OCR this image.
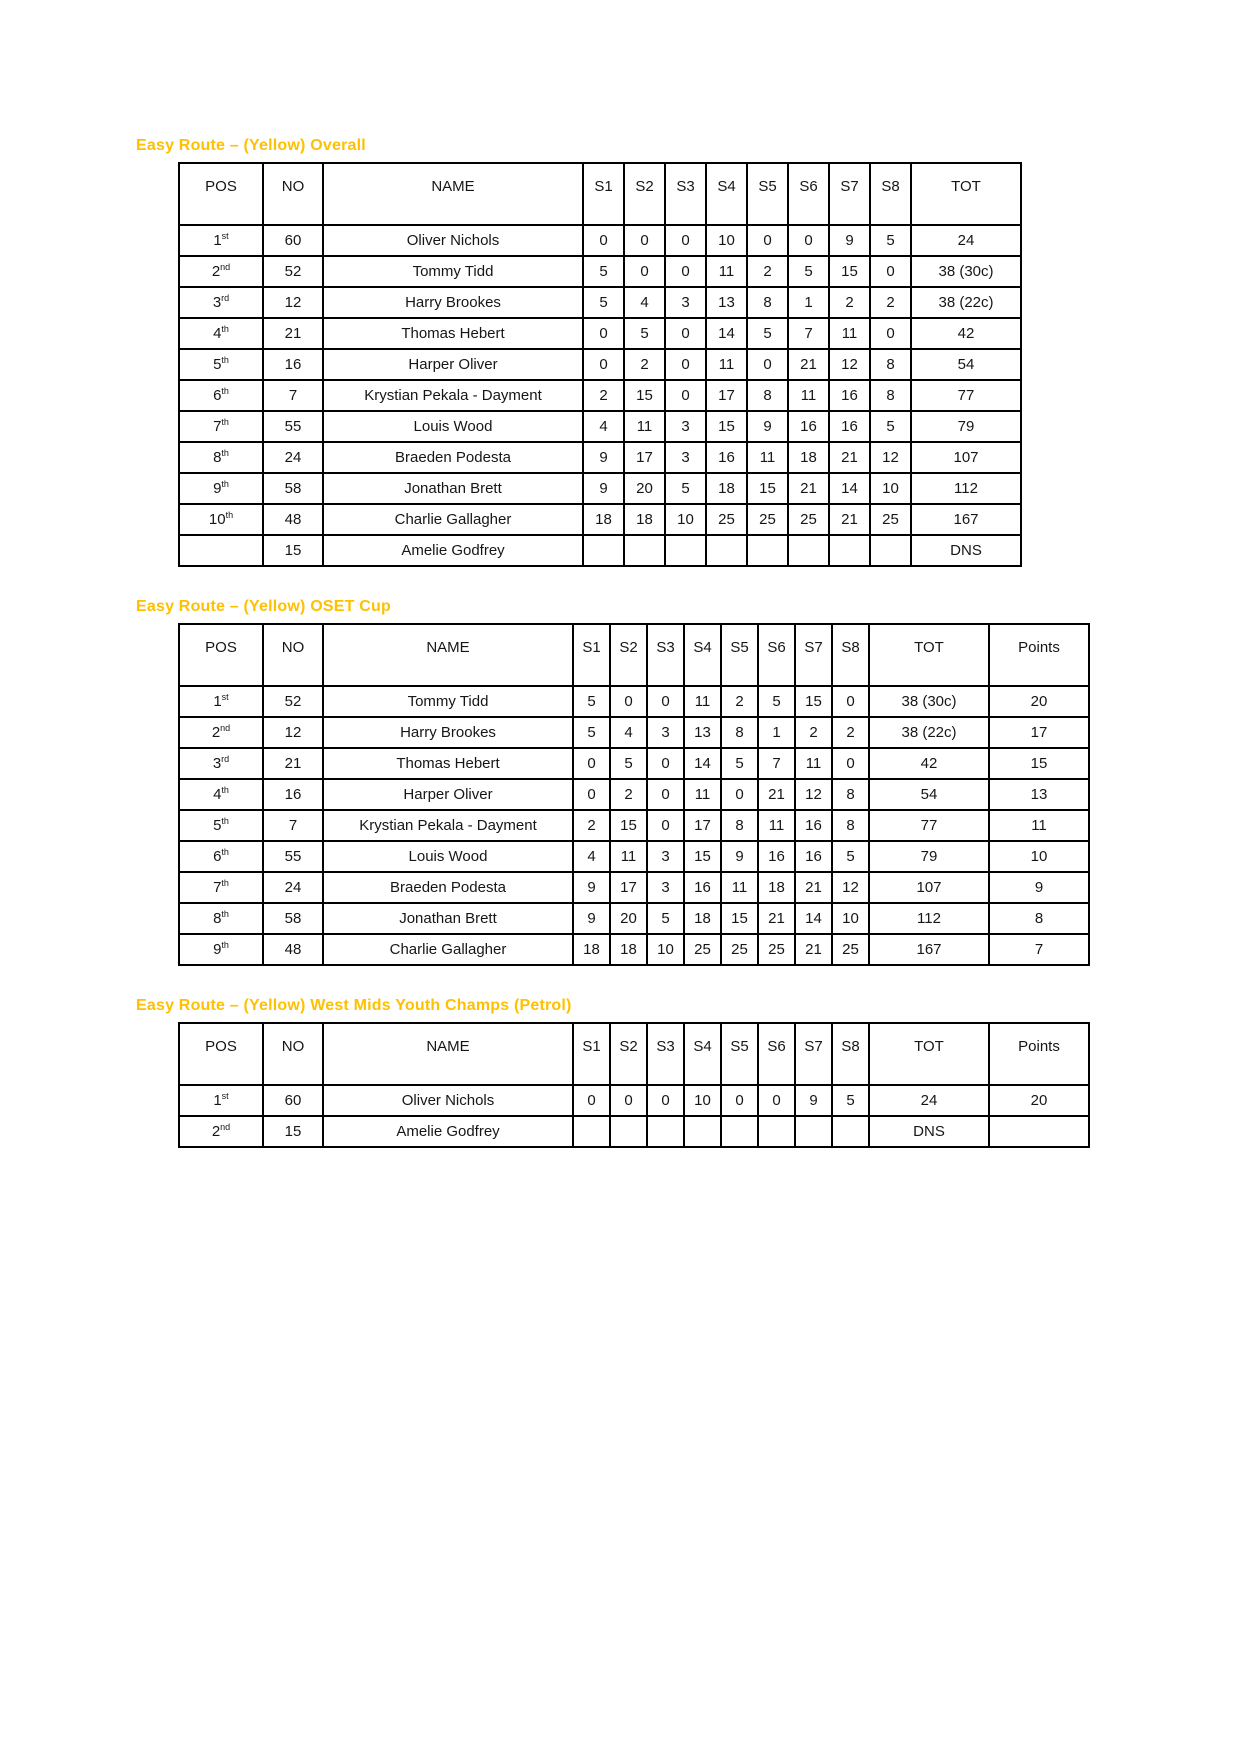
Easy Route – (Yellow) Overall
POS	NO	NAME	S1	S2	S3	S4	S5	S6	S7	S8	TOT
1st	60	Oliver Nichols	0	0	0	10	0	0	9	5	24
2nd	52	Tommy Tidd	5	0	0	11	2	5	15	0	38 (30c)
3rd	12	Harry Brookes	5	4	3	13	8	1	2	2	38 (22c)
4th	21	Thomas Hebert	0	5	0	14	5	7	11	0	42
5th	16	Harper Oliver	0	2	0	11	0	21	12	8	54
6th	7	Krystian Pekala - Dayment	2	15	0	17	8	11	16	8	77
7th	55	Louis Wood	4	11	3	15	9	16	16	5	79
8th	24	Braeden Podesta	9	17	3	16	11	18	21	12	107
9th	58	Jonathan Brett	9	20	5	18	15	21	14	10	112
10th	48	Charlie Gallagher	18	18	10	25	25	25	21	25	167
	15	Amelie Godfrey									DNS
Easy Route – (Yellow) OSET Cup
POS	NO	NAME	S1	S2	S3	S4	S5	S6	S7	S8	TOT	Points
1st	52	Tommy Tidd	5	0	0	11	2	5	15	0	38 (30c)	20
2nd	12	Harry Brookes	5	4	3	13	8	1	2	2	38 (22c)	17
3rd	21	Thomas Hebert	0	5	0	14	5	7	11	0	42	15
4th	16	Harper Oliver	0	2	0	11	0	21	12	8	54	13
5th	7	Krystian Pekala - Dayment	2	15	0	17	8	11	16	8	77	11
6th	55	Louis Wood	4	11	3	15	9	16	16	5	79	10
7th	24	Braeden Podesta	9	17	3	16	11	18	21	12	107	9
8th	58	Jonathan Brett	9	20	5	18	15	21	14	10	112	8
9th	48	Charlie Gallagher	18	18	10	25	25	25	21	25	167	7
Easy Route – (Yellow) West Mids Youth Champs (Petrol)
POS	NO	NAME	S1	S2	S3	S4	S5	S6	S7	S8	TOT	Points
1st	60	Oliver Nichols	0	0	0	10	0	0	9	5	24	20
2nd	15	Amelie Godfrey									DNS	
